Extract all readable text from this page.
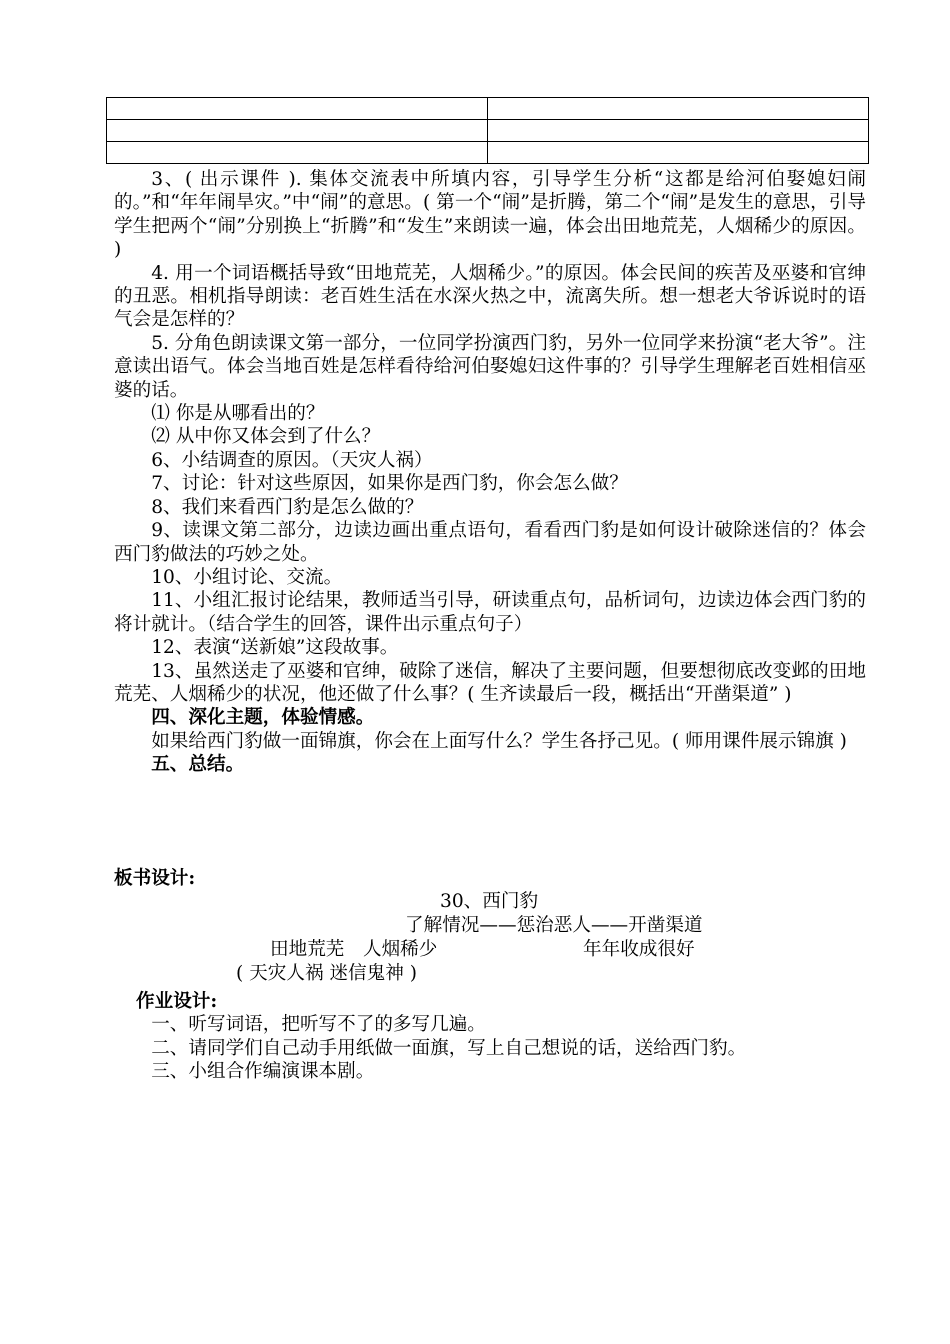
3、( 出示课件 ). 集体交流表中所填内容，引导学生分析“这都是给河伯娶媳妇闹的。”和“年年闹旱灾。”中“闹”的意思。( 第一个“闹”是折腾，第二个“闹”是发生的意思，引导学生把两个“闹”分别换上“折腾”和“发生”来朗读一遍，体会出田地荒芜，人烟稀少的原因。 )

4. 用一个词语概括导致“田地荒芜，人烟稀少。”的原因。体会民间的疾苦及巫婆和官绅的丑恶。相机指导朗读：老百姓生活在水深火热之中，流离失所。想一想老大爷诉说时的语气会是怎样的？

5. 分角色朗读课文第一部分，一位同学扮演西门豹，另外一位同学来扮演“老大爷”。注意读出语气。体会当地百姓是怎样看待给河伯娶媳妇这件事的？引导学生理解老百姓相信巫婆的话。

⑴ 你是从哪看出的？

⑵ 从中你又体会到了什么？

6、小结调查的原因。（天灾人祸）

7、讨论：针对这些原因，如果你是西门豹，你会怎么做？

8、我们来看西门豹是怎么做的？

9、读课文第二部分，边读边画出重点语句，看看西门豹是如何设计破除迷信的？体会西门豹做法的巧妙之处。

10、小组讨论、交流。

11、小组汇报讨论结果，教师适当引导，研读重点句，品析词句，边读边体会西门豹的将计就计。（结合学生的回答，课件出示重点句子）

12、表演“送新娘”这段故事。

13、虽然送走了巫婆和官绅，破除了迷信，解决了主要问题，但要想彻底改变邺的田地荒芜、人烟稀少的状况，他还做了什么事？( 生齐读最后一段，概括出“开凿渠道” )

四、深化主题，体验情感。

如果给西门豹做一面锦旗，你会在上面写什么？学生各抒己见。( 师用课件展示锦旗 )

五、总结。

板书设计:
30、西门豹
了解情况——惩治恶人——开凿渠道
田地荒芜　人烟稀少	年年收成很好
( 天灾人祸 迷信鬼神 )

作业设计:

一、听写词语，把听写不了的多写几遍。

二、请同学们自己动手用纸做一面旗，写上自己想说的话，送给西门豹。

三、小组合作编演课本剧。
